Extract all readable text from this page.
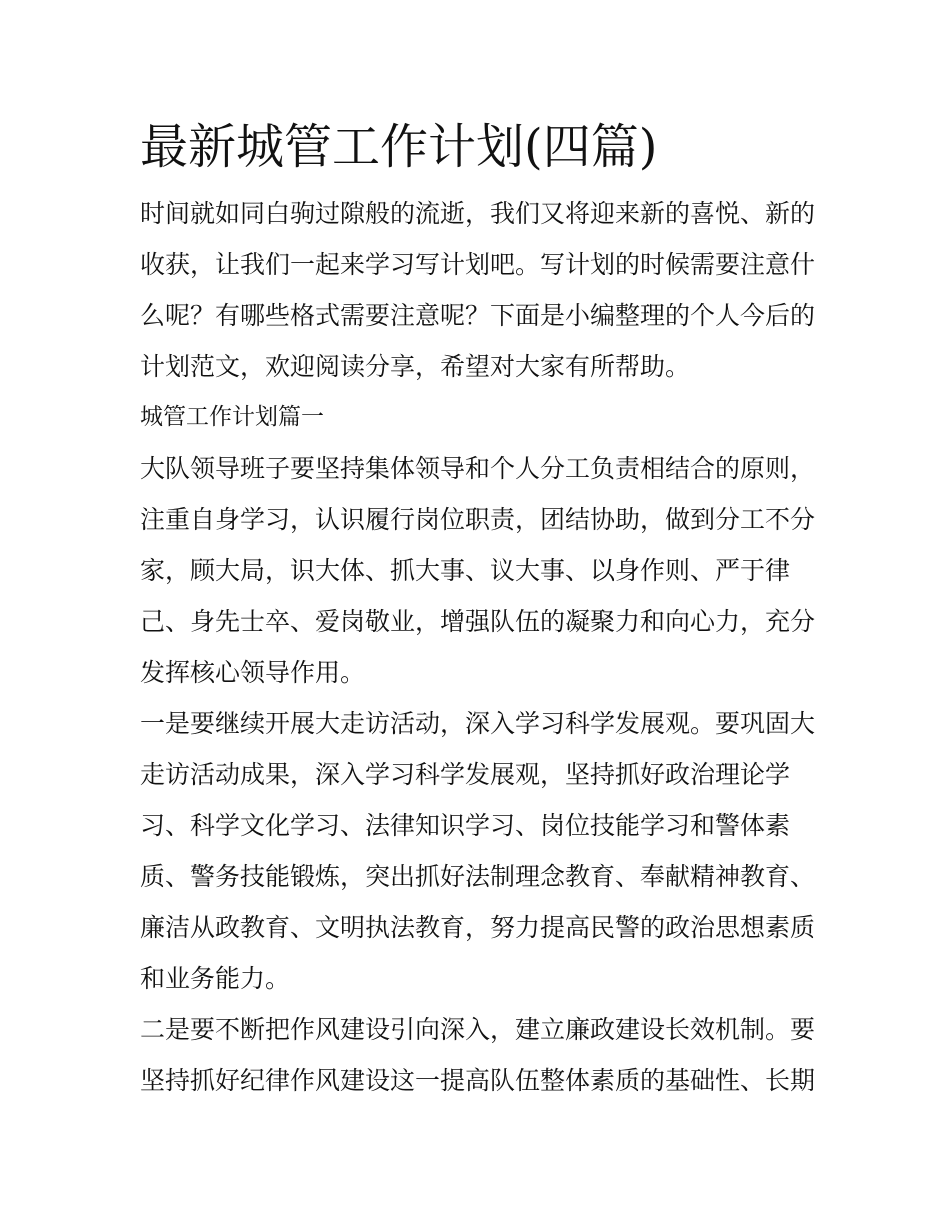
最新城管工作计划(四篇)

时间就如同白驹过隙般的流逝，我们又将迎来新的喜悦、新的
收获，让我们一起来学习写计划吧。写计划的时候需要注意什
么呢？有哪些格式需要注意呢？下面是小编整理的个人今后的
计划范文，欢迎阅读分享，希望对大家有所帮助。

城管工作计划篇一

大队领导班子要坚持集体领导和个人分工负责相结合的原则，
注重自身学习，认识履行岗位职责，团结协助，做到分工不分
家，顾大局，识大体、抓大事、议大事、以身作则、严于律
己、身先士卒、爱岗敬业，增强队伍的凝聚力和向心力，充分
发挥核心领导作用。

一是要继续开展大走访活动，深入学习科学发展观。要巩固大
走访活动成果，深入学习科学发展观，坚持抓好政治理论学
习、科学文化学习、法律知识学习、岗位技能学习和警体素
质、警务技能锻炼，突出抓好法制理念教育、奉献精神教育、
廉洁从政教育、文明执法教育，努力提高民警的政治思想素质
和业务能力。

二是要不断把作风建设引向深入，建立廉政建设长效机制。要
坚持抓好纪律作风建设这一提高队伍整体素质的基础性、长期
